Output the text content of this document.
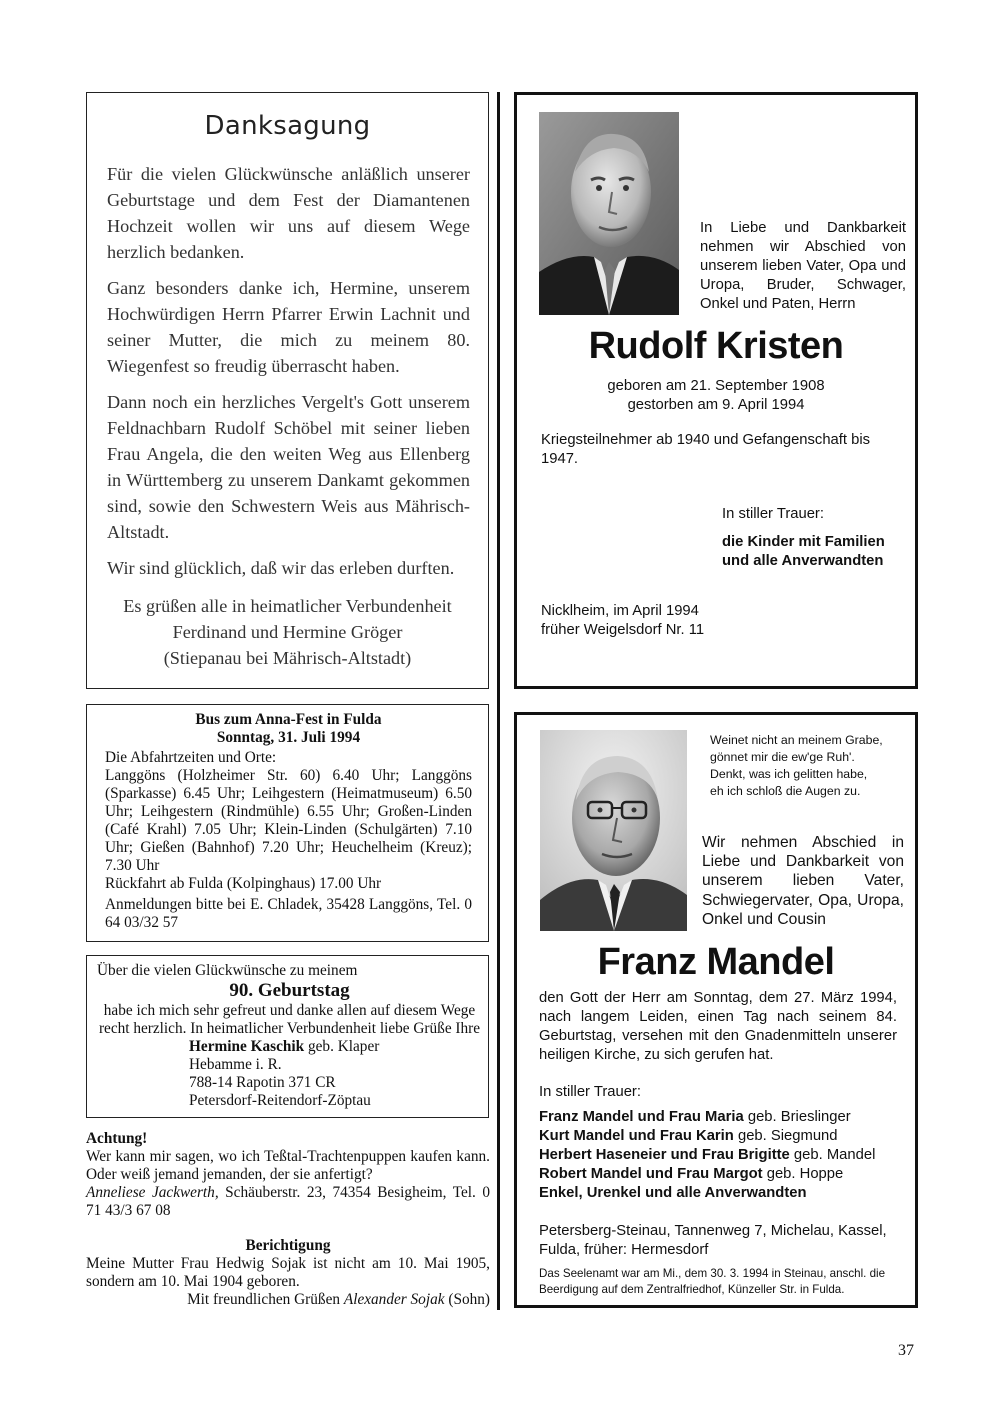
Danksagung

Für die vielen Glückwünsche anläßlich unserer Geburtstage und dem Fest der Diamantenen Hochzeit wollen wir uns auf diesem Wege herzlich bedanken.

Ganz besonders danke ich, Hermine, unserem Hochwürdigen Herrn Pfarrer Erwin Lachnit und seiner Mutter, die mich zu meinem 80. Wiegenfest so freudig überrascht haben.

Dann noch ein herzliches Vergelt's Gott unserem Feldnachbarn Rudolf Schöbel mit seiner lieben Frau Angela, die den weiten Weg aus Ellenberg in Württemberg zu unserem Dankamt gekommen sind, sowie den Schwestern Weis aus Mährisch-Altstadt.

Wir sind glücklich, daß wir das erleben durften.

Es grüßen alle in heimatlicher Verbundenheit

Ferdinand und Hermine Gröger

(Stiepanau bei Mährisch-Altstadt)

In Liebe und Dankbarkeit nehmen wir Abschied von unserem lieben Vater, Opa und Uropa, Bruder, Schwager, Onkel und Paten, Herrn
Rudolf Kristen

geboren am 21. September 1908

gestorben am 9. April 1994

Kriegsteilnehmer ab 1940 und Gefangenschaft bis 1947.

In stiller Trauer:

die Kinder mit Familien

und alle Anverwandten

Nicklheim, im April 1994

früher Weigelsdorf Nr. 11

Bus zum Anna-Fest in Fulda

Sonntag, 31. Juli 1994

Die Abfahrtzeiten und Orte:

Langgöns (Holzheimer Str. 60) 6.40 Uhr; Langgöns (Sparkasse) 6.45 Uhr; Leihgestern (Heimatmuseum) 6.50 Uhr; Leihgestern (Rindmühle) 6.55 Uhr; Großen-Linden (Café Krahl) 7.05 Uhr; Klein-Linden (Schulgärten) 7.10 Uhr; Gießen (Bahnhof) 7.20 Uhr; Heuchelheim (Kreuz); 7.30 Uhr

Rückfahrt ab Fulda (Kolpinghaus) 17.00 Uhr

Anmeldungen bitte bei E. Chladek, 35428 Langgöns, Tel. 0 64 03/32 57

Über die vielen Glückwünsche zu meinem

90. Geburtstag

habe ich mich sehr gefreut und danke allen auf diesem Wege

recht herzlich. In heimatlicher Verbundenheit liebe Grüße Ihre

Hermine Kaschik geb. Klaper

Hebamme i. R.

788-14 Rapotin 371 CR

Petersdorf-Reitendorf-Zöptau

Achtung!

Wer kann mir sagen, wo ich Teßtal-Trachtenpuppen kaufen kann. Oder weiß jemand jemanden, der sie anfertigt?

Anneliese Jackwerth, Schäuberstr. 23, 74354 Besigheim, Tel. 0 71 43/3 67 08

Berichtigung

Meine Mutter Frau Hedwig Sojak ist nicht am 10. Mai 1905, sondern am 10. Mai 1904 geboren.

Mit freundlichen Grüßen Alexander Sojak (Sohn)

Weinet nicht an meinem Grabe,

gönnet mir die ew'ge Ruh'.

Denkt, was ich gelitten habe,

eh ich schloß die Augen zu.

Wir nehmen Abschied in Liebe und Dankbarkeit von unserem lieben Vater, Schwiegervater, Opa, Uropa, Onkel und Cousin
Franz Mandel
den Gott der Herr am Sonntag, dem 27. März 1994, nach langem Leiden, einen Tag nach seinem 84. Geburtstag, versehen mit den Gnadenmitteln unserer heiligen Kirche, zu sich gerufen hat.
In stiller Trauer:

Franz Mandel und Frau Maria geb. Brieslinger

Kurt Mandel und Frau Karin geb. Siegmund

Herbert Haseneier und Frau Brigitte geb. Mandel

Robert Mandel und Frau Margot geb. Hoppe

Enkel, Urenkel und alle Anverwandten

Petersberg-Steinau, Tannenweg 7, Michelau, Kassel, Fulda, früher: Hermesdorf
Das Seelenamt war am Mi., dem 30. 3. 1994 in Steinau, anschl. die Beerdigung auf dem Zentralfriedhof, Künzeller Str. in Fulda.
37
